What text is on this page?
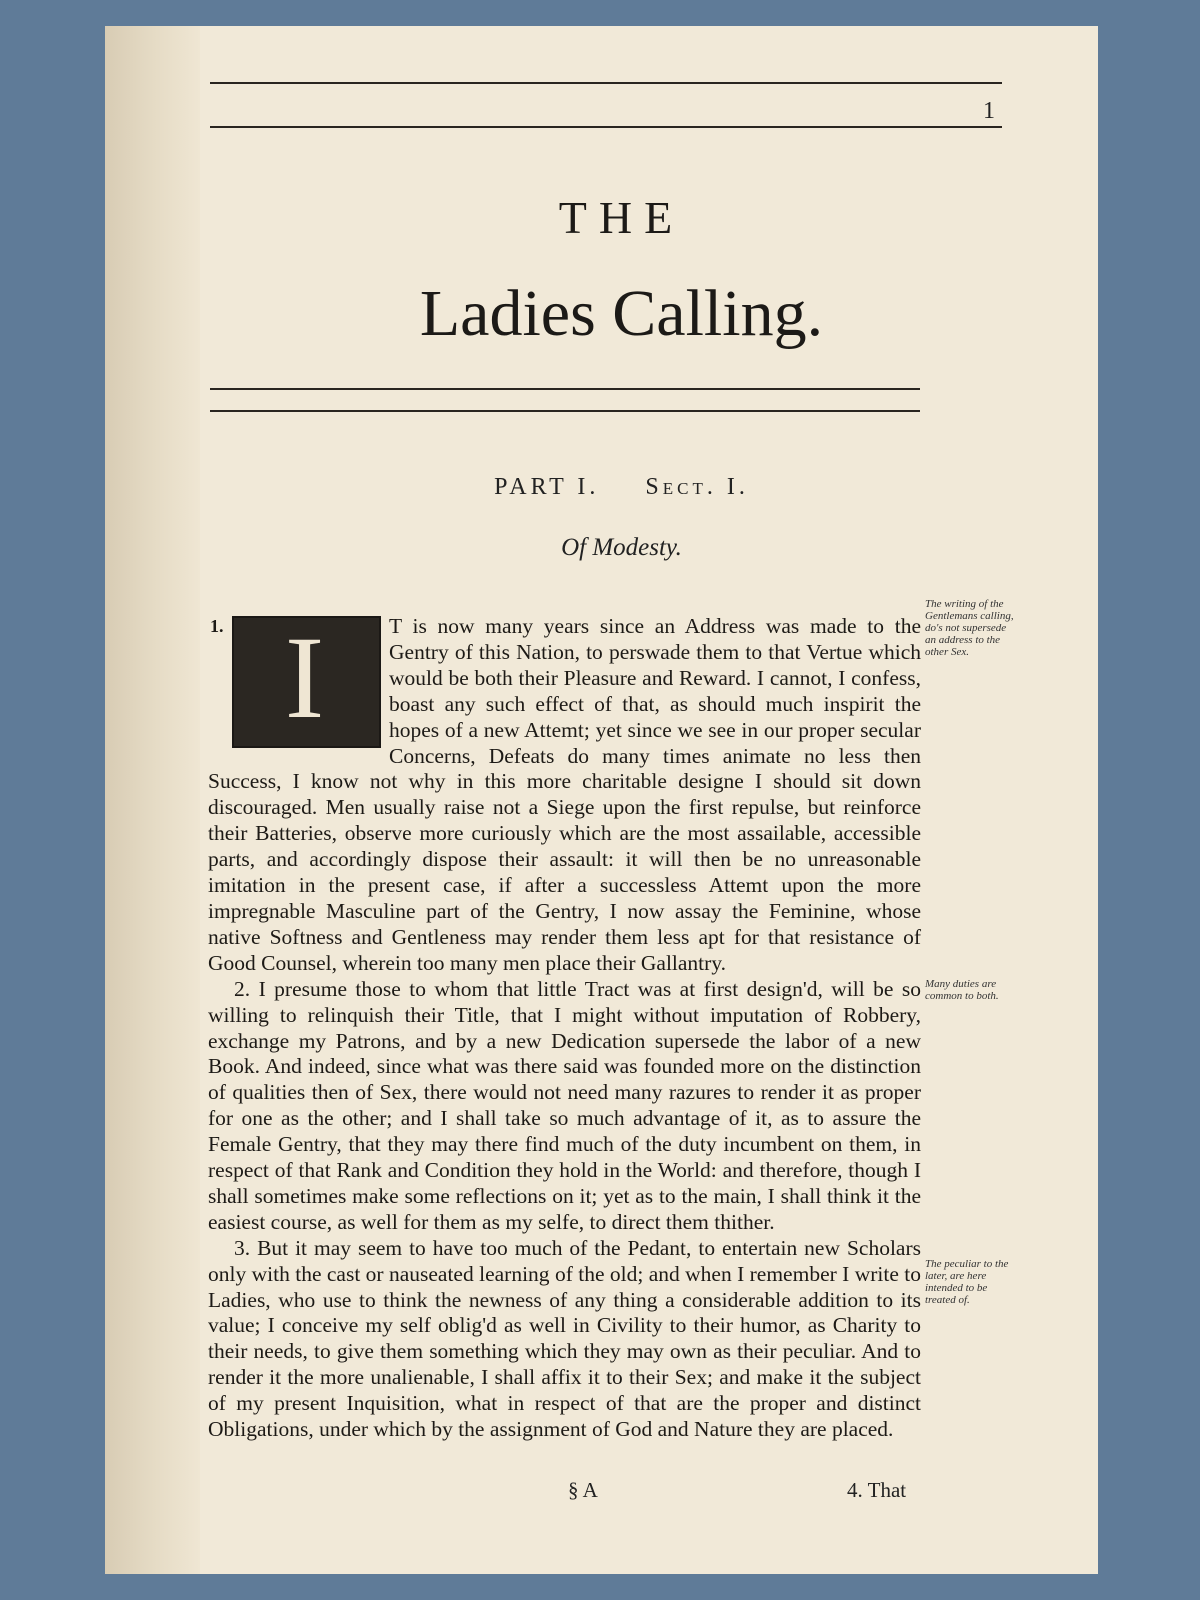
1
THE
Ladies Calling.
PART I. Sect. I.
Of Modesty.

1. I	T is now many years since an Address was made to the Gentry of this Nation, to perswade them to that Vertue which would be both their Pleasure and Reward. I cannot, I confess, boast any such effect of that, as should much inspirit the hopes of a new Attemt; yet since we see in our proper secular Concerns, Defeats do many times animate no less then Success, I know not why in this more charitable designe I should sit down discouraged. Men usually raise not a Siege upon the first repulse, but reinforce their Batteries, observe more curiously which are the most assailable, accessible parts, and accordingly dispose their assault: it will then be no unreasonable imitation in the present case, if after a successless Attemt upon the more impregnable Masculine part of the Gentry, I now assay the Feminine, whose native Softness and Gentleness may render them less apt for that resistance of Good Counsel, wherein too many men place their Gallantry.

2. I presume those to whom that little Tract was at first design'd, will be so willing to relinquish their Title, that I might without imputation of Robbery, exchange my Patrons, and by a new Dedication supersede the labor of a new Book. And indeed, since what was there said was founded more on the distinction of qualities then of Sex, there would not need many razures to render it as proper for one as the other; and I shall take so much advantage of it, as to assure the Female Gentry, that they may there find much of the duty incumbent on them, in respect of that Rank and Condition they hold in the World: and therefore, though I shall sometimes make some reflections on it; yet as to the main, I shall think it the easiest course, as well for them as my selfe, to direct them thither.

3. But it may seem to have too much of the Pedant, to entertain new Scholars only with the cast or nauseated learning of the old; and when I remember I write to Ladies, who use to think the newness of any thing a considerable addition to its value; I conceive my self oblig'd as well in Civility to their humor, as Charity to their needs, to give them something which they may own as their peculiar. And to render it the more unalienable, I shall affix it to their Sex; and make it the subject of my present Inquisition, what in respect of that are the proper and distinct Obligations, under which by the assignment of God and Nature they are placed.

The writing of the Gentlemans calling, do's not supersede an address to the other Sex.
Many duties are common to both.
The peculiar to the later, are here intended to be treated of.
§ A	4. That
